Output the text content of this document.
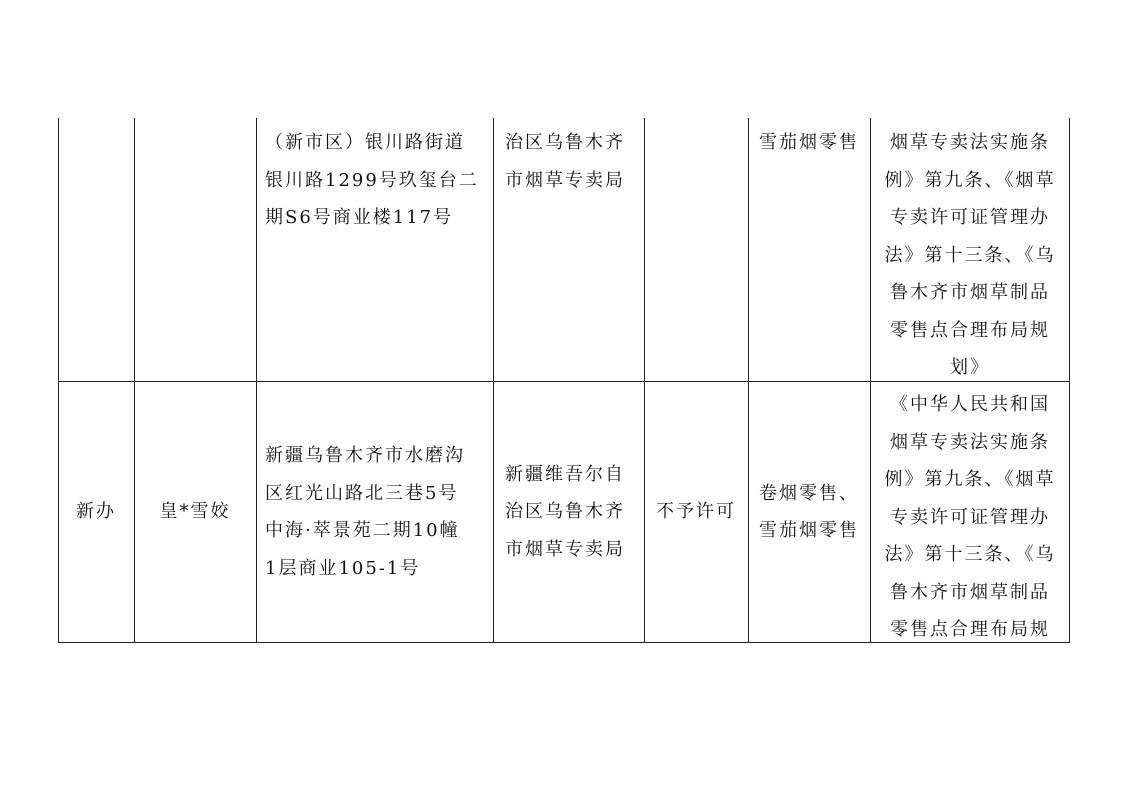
（新市区）银川路街道
银川路1299号玖玺台二
期S6号商业楼117号
治区乌鲁木齐
市烟草专卖局
雪茄烟零售	烟草专卖法实施条
例》第九条、《烟草
专卖许可证管理办
法》第十三条、《乌
鲁木齐市烟草制品
零售点合理布局规
划》
新办	皇*雪姣
新疆乌鲁木齐市水磨沟
区红光山路北三巷5号
中海·萃景苑二期10幢
1层商业105-1号
新疆维吾尔自
治区乌鲁木齐
市烟草专卖局
不予许可
卷烟零售、
雪茄烟零售
《中华人民共和国
烟草专卖法实施条
例》第九条、《烟草
专卖许可证管理办
法》第十三条、《乌
鲁木齐市烟草制品
零售点合理布局规
